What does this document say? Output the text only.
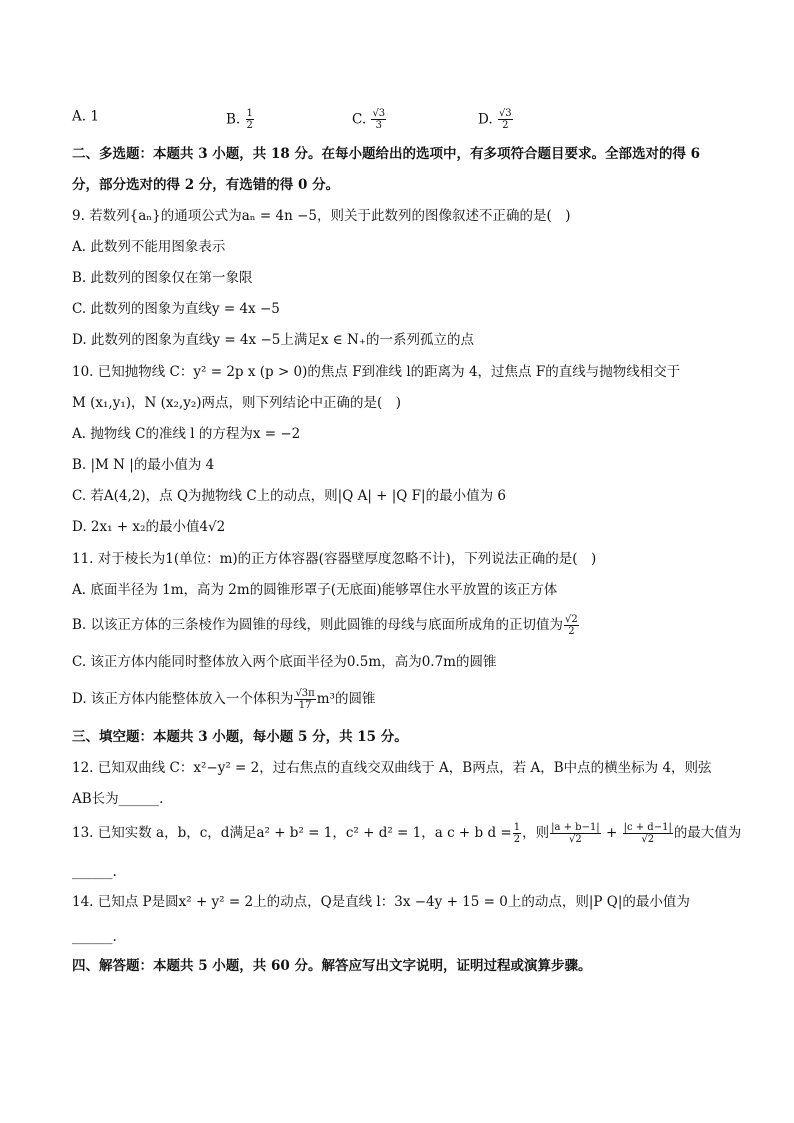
A. 1	B. $\frac{1}{2}$	C. $\frac{√3}{3}$	D. $\frac{√3}{2}$
二、多选题：本题共 3 小题，共 18 分。在每小题给出的选项中，有多项符合题目要求。全部选对的得 6
分，部分选对的得 2 分，有选错的得 0 分。
9. 若数列{aₙ}的通项公式为aₙ = 4n −5，则关于此数列的图像叙述不正确的是(　)
A. 此数列不能用图象表示
B. 此数列的图象仅在第一象限
C. 此数列的图象为直线y = 4x −5
D. 此数列的图象为直线y = 4x −5上满足x ∈ N₊的一系列孤立的点
10. 已知抛物线 C：y² = 2p x (p > 0)的焦点 F到准线 l的距离为 4，过焦点 F的直线与抛物线相交于
M (x₁,y₁)，N (x₂,y₂)两点，则下列结论中正确的是(　)
A. 抛物线 C的准线 l 的方程为x = −2
B. |M N |的最小值为 4
C. 若A(4,2)，点 Q为抛物线 C上的动点，则|Q A| + |Q F|的最小值为 6
D. 2x₁ + x₂的最小值4√2
11. 对于棱长为1(单位：m)的正方体容器(容器壁厚度忽略不计)，下列说法正确的是(　)
A. 底面半径为 1m，高为 2m的圆锥形罩子(无底面)能够罩住水平放置的该正方体
B. 以该正方体的三条棱作为圆锥的母线，则此圆锥的母线与底面所成角的正切值为 $\frac{√2}{2}$
C. 该正方体内能同时整体放入两个底面半径为0.5m，高为0.7m的圆锥
D. 该正方体内能整体放入一个体积为 $\frac{√3\pi}{17} m^3$的圆锥
三、填空题：本题共 3 小题，每小题 5 分，共 15 分。
12. 已知双曲线 C：x²−y² = 2，过右焦点的直线交双曲线于 A，B两点，若 A，B中点的横坐标为 4，则弦
AB长为______.
13. 已知实数 a，b，c，d满足a² + b² = 1，c² + d² = 1，a c + b $d = \frac{1}{2}$ ，则 $\frac{|a + b-1|}{√2} + \frac{|c + d-1|}{√2}$ 的最大值为
______.
14. 已知点 P是圆x² + y² = 2上的动点，Q是直线 l：3x −4y + 15 = 0上的动点，则|P Q|的最小值为
______.
四、解答题：本题共 5 小题，共 60 分。解答应写出文字说明，证明过程或演算步骤。
